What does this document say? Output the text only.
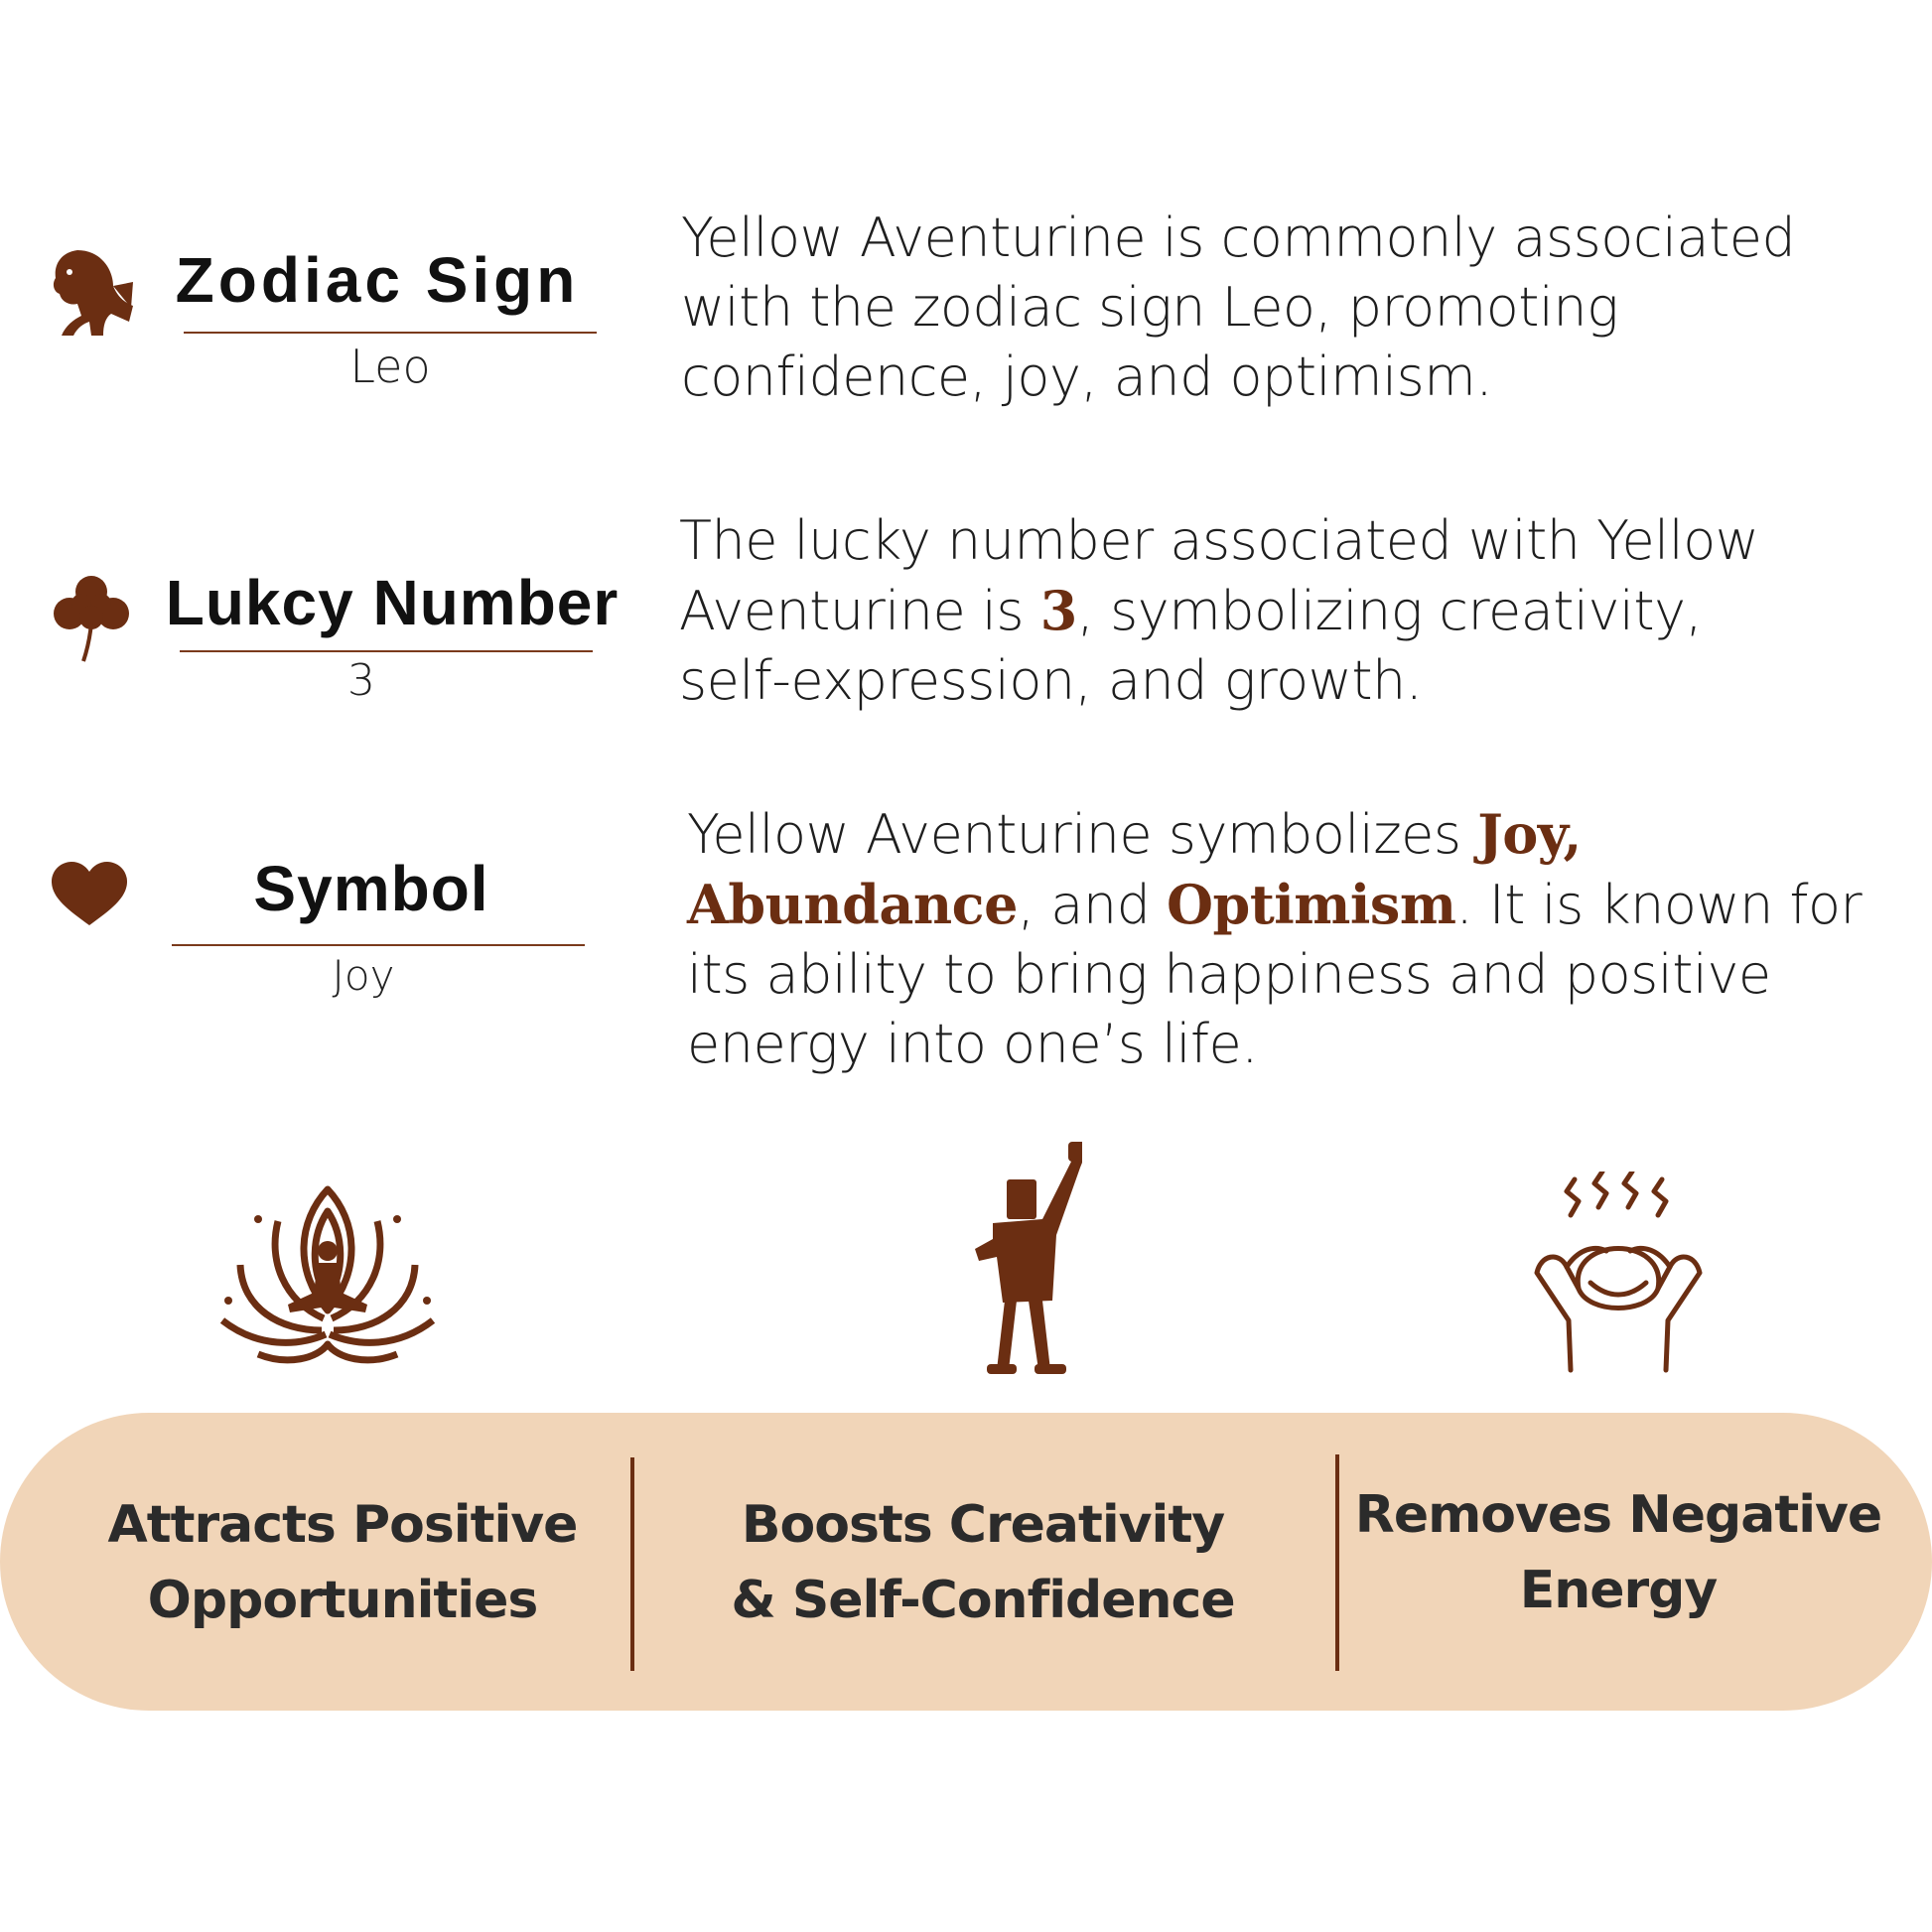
Zodiac Sign
Leo
Yellow Aventurine is commonly associated
with the zodiac sign Leo, promoting
confidence, joy, and optimism.
Lukcy Number
3
The lucky number associated with Yellow
Aventurine is 3, symbolizing creativity,
self-expression, and growth.
Symbol
Joy
Yellow Aventurine symbolizes Joy,
Abundance, and Optimism. It is known for
its ability to bring happiness and positive
energy into one’s life.
Attracts Positive
Opportunities
Boosts Creativity
& Self-Confidence
Removes Negative
Energy
